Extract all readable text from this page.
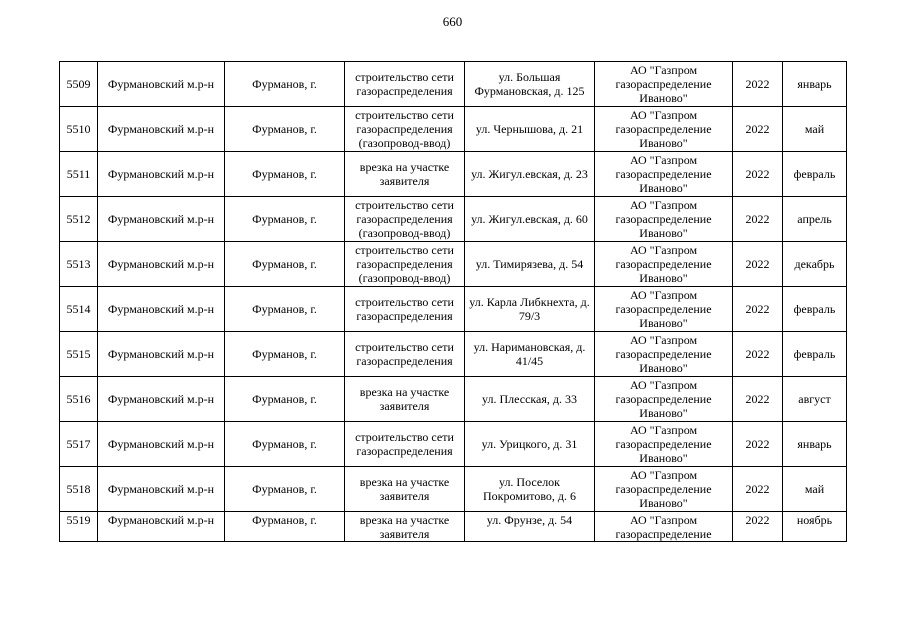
660
5509	Фурмановский м.р-н	Фурманов, г.	строительство сети газораспределения	ул. Большая Фурмановская, д. 125	АО "Газпром газораспределение Иваново"	2022	январь
5510	Фурмановский м.р-н	Фурманов, г.	строительство сети газораспределения (газопровод-ввод)	ул. Чернышова, д. 21	АО "Газпром газораспределение Иваново"	2022	май
5511	Фурмановский м.р-н	Фурманов, г.	врезка на участке заявителя	ул. Жигул.евская, д. 23	АО "Газпром газораспределение Иваново"	2022	февраль
5512	Фурмановский м.р-н	Фурманов, г.	строительство сети газораспределения (газопровод-ввод)	ул. Жигул.евская, д. 60	АО "Газпром газораспределение Иваново"	2022	апрель
5513	Фурмановский м.р-н	Фурманов, г.	строительство сети газораспределения (газопровод-ввод)	ул. Тимирязева, д. 54	АО "Газпром газораспределение Иваново"	2022	декабрь
5514	Фурмановский м.р-н	Фурманов, г.	строительство сети газораспределения	ул. Карла Либкнехта, д. 79/3	АО "Газпром газораспределение Иваново"	2022	февраль
5515	Фурмановский м.р-н	Фурманов, г.	строительство сети газораспределения	ул. Наримановская, д. 41/45	АО "Газпром газораспределение Иваново"	2022	февраль
5516	Фурмановский м.р-н	Фурманов, г.	врезка на участке заявителя	ул. Плесская, д. 33	АО "Газпром газораспределение Иваново"	2022	август
5517	Фурмановский м.р-н	Фурманов, г.	строительство сети газораспределения	ул. Урицкого, д. 31	АО "Газпром газораспределение Иваново"	2022	январь
5518	Фурмановский м.р-н	Фурманов, г.	врезка на участке заявителя	ул. Поселок Покромитово, д. 6	АО "Газпром газораспределение Иваново"	2022	май
5519	Фурмановский м.р-н	Фурманов, г.	врезка на участке заявителя	ул. Фрунзе, д. 54	АО "Газпром газораспределение	2022	ноябрь
